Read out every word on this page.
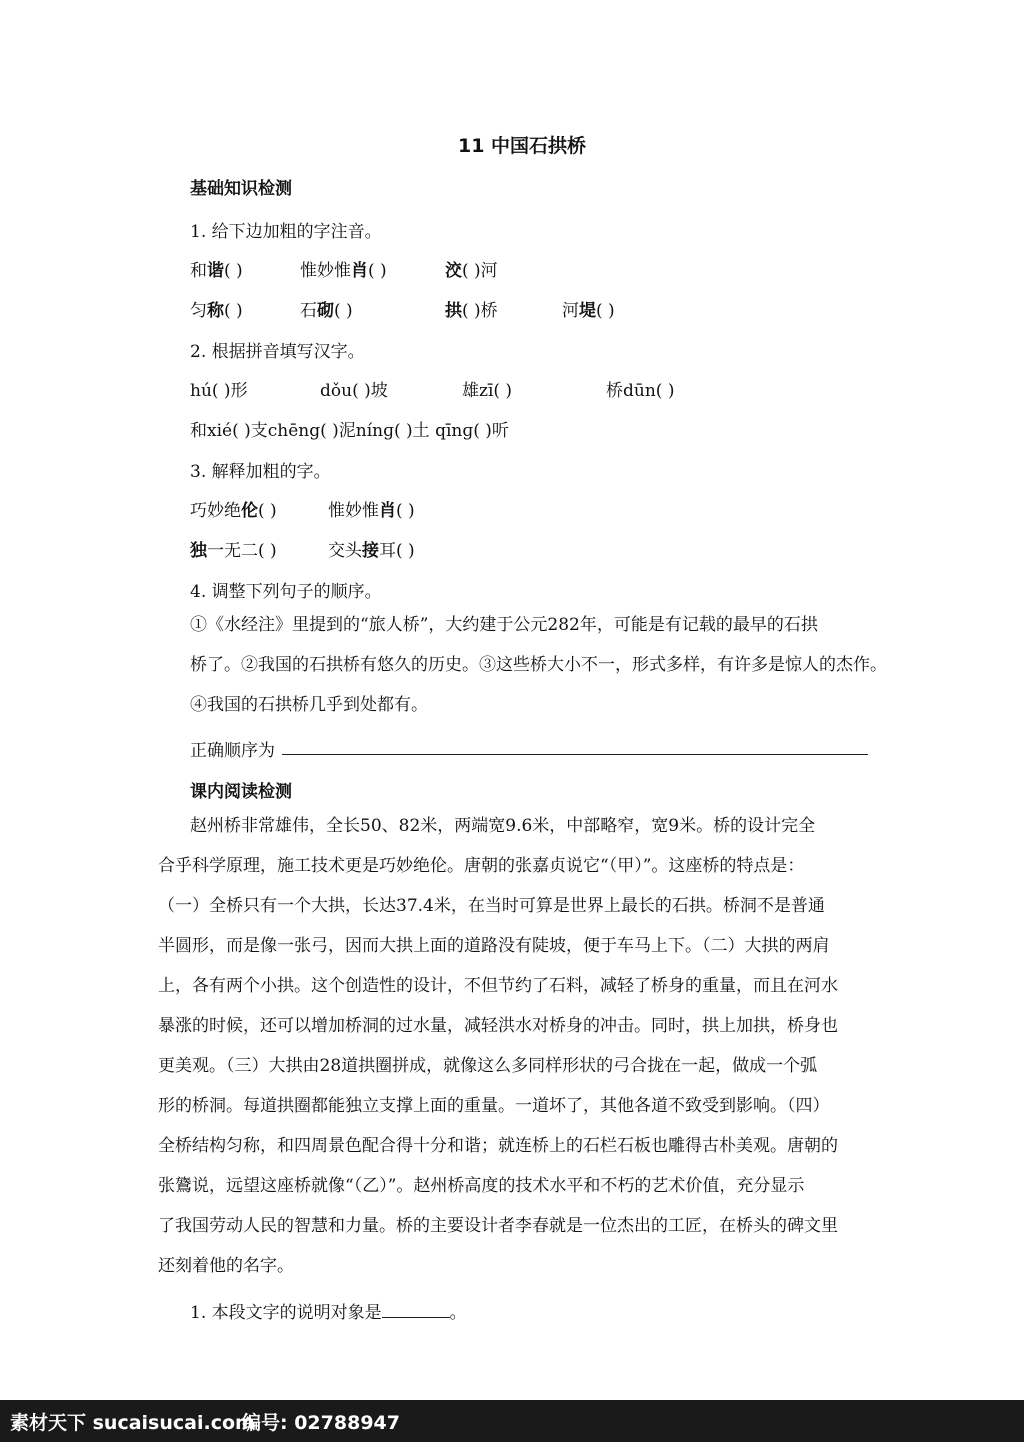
11 中国石拱桥
基础知识检测
1. 给下边加粗的字注音。
和谐( )	惟妙惟肖( )	洨( )河
匀称( )	石砌( )	拱( )桥	河堤( )
2. 根据拼音填写汉字。
hú( )形	dǒu( )坡	雄zī( )	桥dūn( )
和xié( )支chēng( )泥nínɡ( )土 qīnɡ( )听
3. 解释加粗的字。
巧妙绝伦( )	惟妙惟肖( )
独一无二( )	交头接耳( )
4. 调整下列句子的顺序。
①《水经注》里提到的“旅人桥”，大约建于公元282年，可能是有记载的最早的石拱
桥了。②我国的石拱桥有悠久的历史。③这些桥大小不一，形式多样，有许多是惊人的杰作。
④我国的石拱桥几乎到处都有。
正确顺序为
课内阅读检测
赵州桥非常雄伟，全长50、82米，两端宽9.6米，中部略窄，宽9米。桥的设计完全
合乎科学原理，施工技术更是巧妙绝伦。唐朝的张嘉贞说它“（甲）”。这座桥的特点是：
（一）全桥只有一个大拱，长达37.4米，在当时可算是世界上最长的石拱。桥洞不是普通
半圆形，而是像一张弓，因而大拱上面的道路没有陡坡，便于车马上下。（二）大拱的两肩
上，各有两个小拱。这个创造性的设计，不但节约了石料，减轻了桥身的重量，而且在河水
暴涨的时候，还可以增加桥洞的过水量，减轻洪水对桥身的冲击。同时，拱上加拱，桥身也
更美观。（三）大拱由28道拱圈拼成，就像这么多同样形状的弓合拢在一起，做成一个弧
形的桥洞。每道拱圈都能独立支撑上面的重量。一道坏了，其他各道不致受到影响。（四）
全桥结构匀称，和四周景色配合得十分和谐；就连桥上的石栏石板也雕得古朴美观。唐朝的
张鷟说，远望这座桥就像“（乙）”。赵州桥高度的技术水平和不朽的艺术价值，充分显示
了我国劳动人民的智慧和力量。桥的主要设计者李春就是一位杰出的工匠，在桥头的碑文里
还刻着他的名字。
1. 本段文字的说明对象是	。
素材天下 sucaisucai.com
编号: 02788947
